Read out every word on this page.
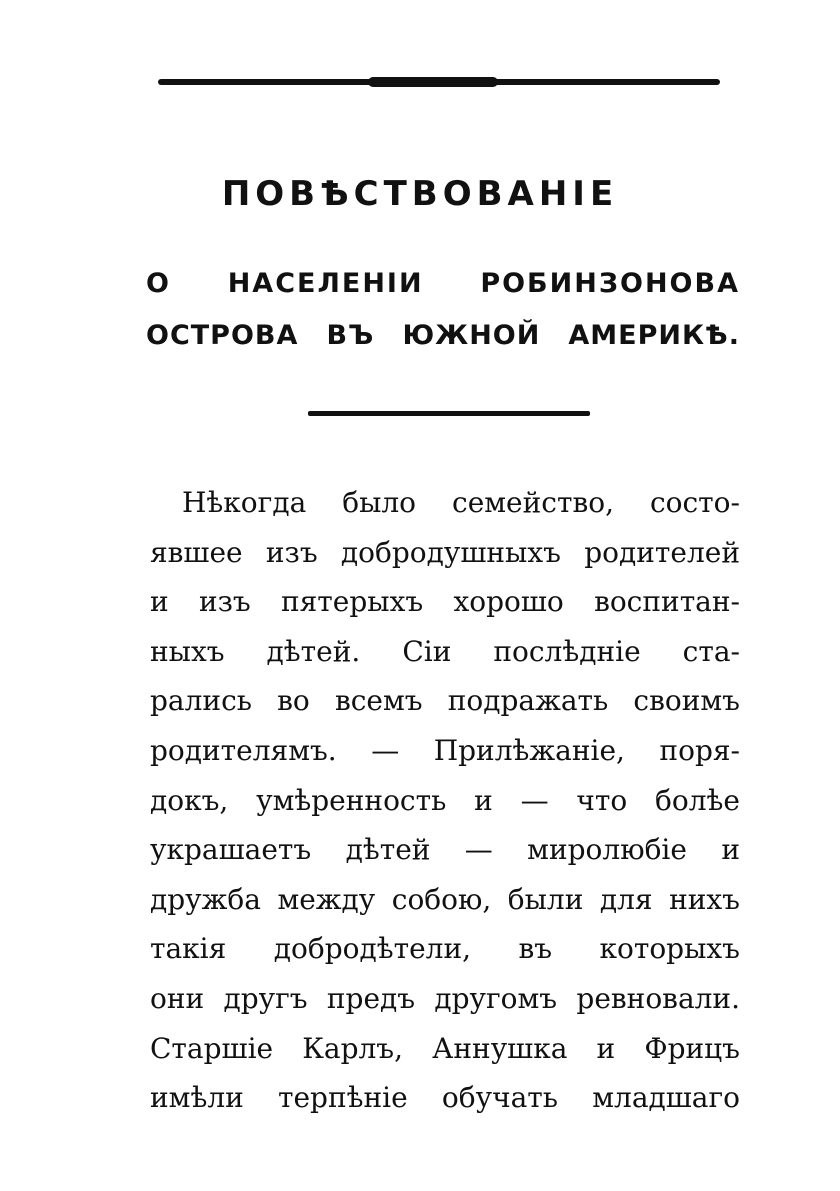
ПОВѢСТВОВАНІЕ
О НАСЕЛЕНІИ РОБИНЗОНОВА
ОСТРОВА ВЪ ЮЖНОЙ АМЕРИКѢ.
Нѣкогда было семейство, состо-
явшее изъ добродушныхъ родителей
и изъ пятерыхъ хорошо воспитан-
ныхъ дѣтей. Сіи послѣдніе ста-
рались во всемъ подражать своимъ
родителямъ. — Прилѣжаніе, поря-
докъ, умѣренность и — что болѣе
украшаетъ дѣтей — миролюбіе и
дружба между собою, были для нихъ
такія добродѣтели, въ которыхъ
они другъ предъ другомъ ревновали.
Старшіе Карлъ, Аннушка и Фрицъ
имѣли терпѣніе обучать младшаго
